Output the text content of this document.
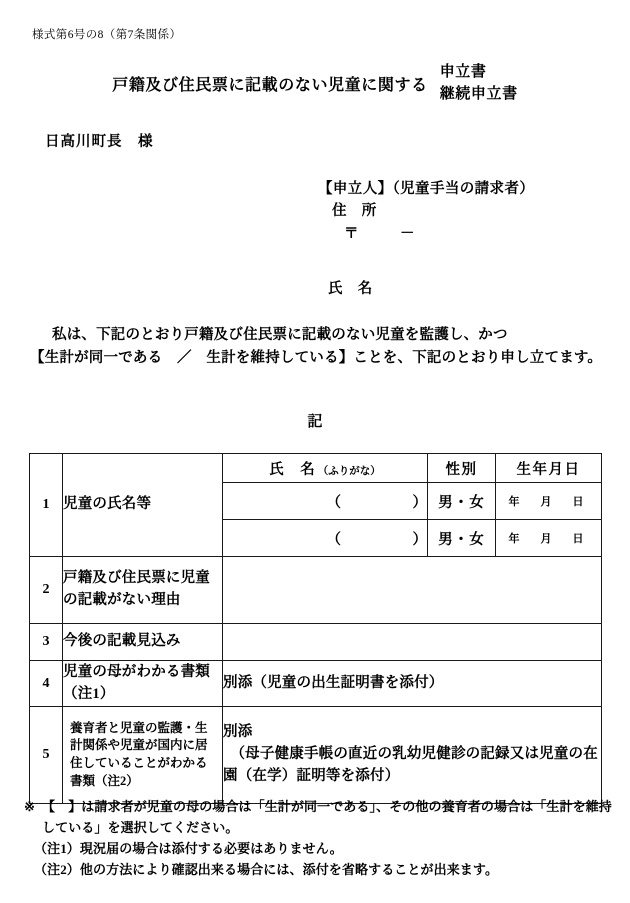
様式第6号の8（第7条関係）
戸籍及び住民票に記載のない児童に関する
申立書
継続申立書
日高川町長　様
【申立人】（児童手当の請求者）
住　所
〒	－
氏　名
私は、下記のとおり戸籍及び住民票に記載のない児童を監護し、かつ
【生計が同一である　／　生計を維持している】ことを、下記のとおり申し立てます。
記
1	児童の氏名等	氏　名 （ふりがな）	性別	生年月日
		（ ）	男・女	年　月　日
		（ ）	男・女	年　月　日
2	戸籍及び住民票に児童の記載がない理由			
3	今後の記載見込み			
4	児童の母がわかる書類（注1）	別添（児童の出生証明書を添付）		
5	養育者と児童の監護・生計関係や児童が国内に居住していることがわかる書類（注2）	別添
　（母子健康手帳の直近の乳幼児健診の記録又は児童の在園（在学）証明等を添付）		
※ 【　】は請求者が児童の母の場合は「生計が同一である」、その他の養育者の場合は「生計を維持している」を選択してください。
（注1）現況届の場合は添付する必要はありません。
（注2）他の方法により確認出来る場合には、添付を省略することが出来ます。
